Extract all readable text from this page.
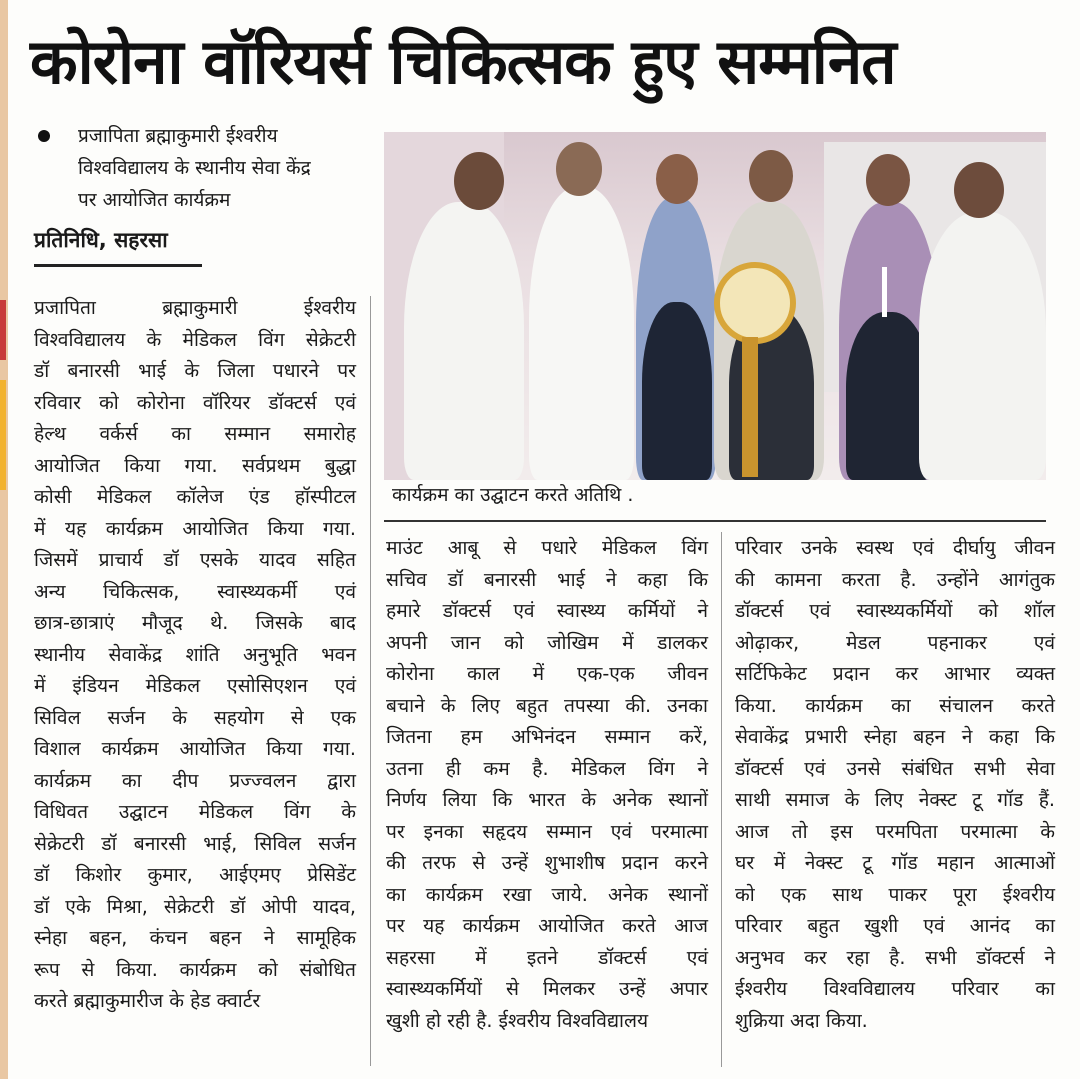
कोरोना वॉरियर्स चिकित्सक हुए सम्मनित
प्रजापिता ब्रह्माकुमारी ईश्वरीय
विश्वविद्यालय के स्थानीय सेवा केंद्र
पर आयोजित कार्यक्रम
प्रतिनिधि, सहरसा
कार्यक्रम का उद्घाटन करते अतिथि .
प्रजापिता ब्रह्माकुमारी ईश्वरीय
विश्वविद्यालय के मेडिकल विंग सेक्रेटरी
डॉ बनारसी भाई के जिला पधारने पर
रविवार को कोरोना वॉरियर डॉक्टर्स एवं
हेल्थ वर्कर्स का सम्मान समारोह
आयोजित किया गया. सर्वप्रथम बुद्धा
कोसी मेडिकल कॉलेज एंड हॉस्पीटल
में यह कार्यक्रम आयोजित किया गया.
जिसमें प्राचार्य डॉ एसके यादव सहित
अन्य चिकित्सक, स्वास्थ्यकर्मी एवं
छात्र-छात्राएं मौजूद थे. जिसके बाद
स्थानीय सेवाकेंद्र शांति अनुभूति भवन
में इंडियन मेडिकल एसोसिएशन एवं
सिविल सर्जन के सहयोग से एक
विशाल कार्यक्रम आयोजित किया गया.
कार्यक्रम का दीप प्रज्ज्वलन द्वारा
विधिवत उद्घाटन मेडिकल विंग के
सेक्रेटरी डॉ बनारसी भाई, सिविल सर्जन
डॉ किशोर कुमार, आईएमए प्रेसिडेंट
डॉ एके मिश्रा, सेक्रेटरी डॉ ओपी यादव,
स्नेहा बहन, कंचन बहन ने सामूहिक
रूप से किया. कार्यक्रम को संबोधित
करते ब्रह्माकुमारीज के हेड क्वार्टर
माउंट आबू से पधारे मेडिकल विंग
सचिव डॉ बनारसी भाई ने कहा कि
हमारे डॉक्टर्स एवं स्वास्थ्य कर्मियों ने
अपनी जान को जोखिम में डालकर
कोरोना काल में एक-एक जीवन
बचाने के लिए बहुत तपस्या की. उनका
जितना हम अभिनंदन सम्मान करें,
उतना ही कम है. मेडिकल विंग ने
निर्णय लिया कि भारत के अनेक स्थानों
पर इनका सहृदय सम्मान एवं परमात्मा
की तरफ से उन्हें शुभाशीष प्रदान करने
का कार्यक्रम रखा जाये. अनेक स्थानों
पर यह कार्यक्रम आयोजित करते आज
सहरसा में इतने डॉक्टर्स एवं
स्वास्थ्यकर्मियों से मिलकर उन्हें अपार
खुशी हो रही है. ईश्वरीय विश्वविद्यालय
परिवार उनके स्वस्थ एवं दीर्घायु जीवन
की कामना करता है. उन्होंने आगंतुक
डॉक्टर्स एवं स्वास्थ्यकर्मियों को शॉल
ओढ़ाकर, मेडल पहनाकर एवं
सर्टिफिकेट प्रदान कर आभार व्यक्त
किया. कार्यक्रम का संचालन करते
सेवाकेंद्र प्रभारी स्नेहा बहन ने कहा कि
डॉक्टर्स एवं उनसे संबंधित सभी सेवा
साथी समाज के लिए नेक्स्ट टू गॉड हैं.
आज तो इस परमपिता परमात्मा के
घर में नेक्स्ट टू गॉड महान आत्माओं
को एक साथ पाकर पूरा ईश्वरीय
परिवार बहुत खुशी एवं आनंद का
अनुभव कर रहा है. सभी डॉक्टर्स ने
ईश्वरीय विश्वविद्यालय परिवार का
शुक्रिया अदा किया.
